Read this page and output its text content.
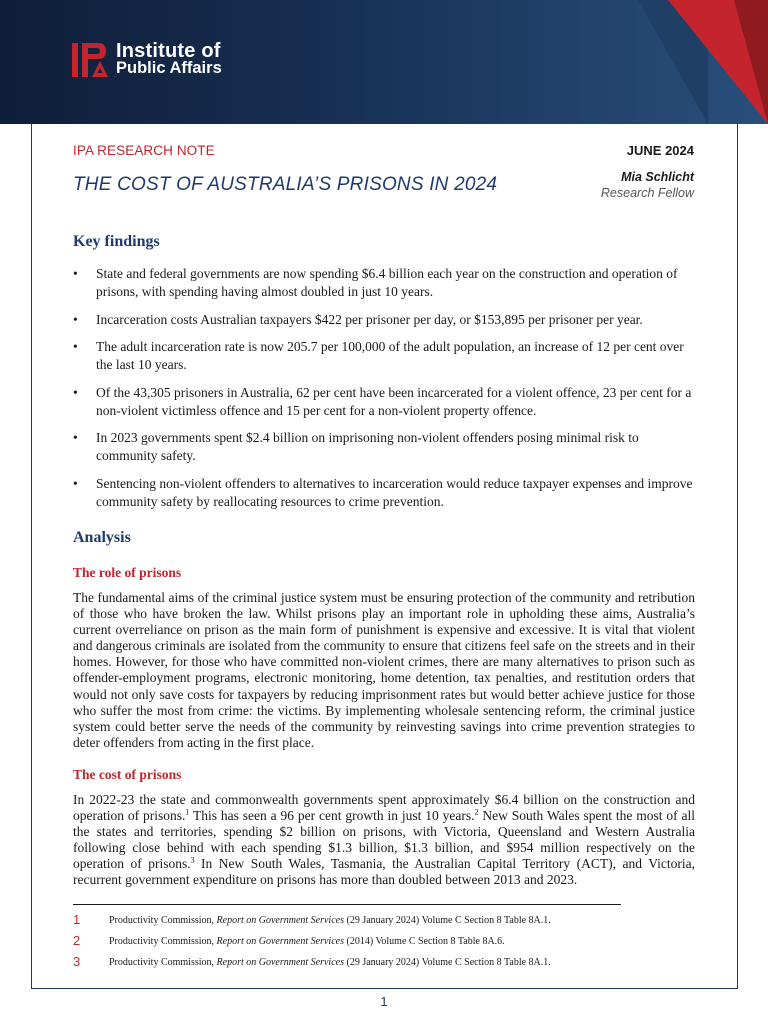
Institute of
Public Affairs
IPA RESEARCH NOTE
THE COST OF AUSTRALIA’S PRISONS IN 2024
JUNE 2024
Mia Schlicht
Research Fellow
Key findings
• State and federal governments are now spending $6.4 billion each year on the construction and operation of prisons, with spending having almost doubled in just 10 years.
• Incarceration costs Australian taxpayers $422 per prisoner per day, or $153,895 per prisoner per year.
• The adult incarceration rate is now 205.7 per 100,000 of the adult population, an increase of 12 per cent over the last 10 years.
• Of the 43,305 prisoners in Australia, 62 per cent have been incarcerated for a violent offence, 23 per cent for a non-violent victimless offence and 15 per cent for a non-violent property offence.
• In 2023 governments spent $2.4 billion on imprisoning non-violent offenders posing minimal risk to community safety.
• Sentencing non-violent offenders to alternatives to incarceration would reduce taxpayer expenses and improve community safety by reallocating resources to crime prevention.
Analysis
The role of prisons

The fundamental aims of the criminal justice system must be ensuring protection of the community and retribution of those who have broken the law. Whilst prisons play an important role in upholding these aims, Australia’s current overreliance on prison as the main form of punishment is expensive and excessive. It is vital that violent and dangerous criminals are isolated from the community to ensure that citizens feel safe on the streets and in their homes. However, for those who have committed non-violent crimes, there are many alternatives to prison such as offender-employment programs, electronic monitoring, home detention, tax penalties, and restitution orders that would not only save costs for taxpayers by reducing imprisonment rates but would better achieve justice for those who suffer the most from crime: the victims. By implementing wholesale sentencing reform, the criminal justice system could better serve the needs of the community by reinvesting savings into crime prevention strategies to deter offenders from acting in the first place.

The cost of prisons

In 2022-23 the state and commonwealth governments spent approximately $6.4 billion on the construction and operation of prisons.$^1$ This has seen a 96 per cent growth in just 10 years.$^2$ New South Wales spent the most of all the states and territories, spending $2 billion on prisons, with Victoria, Queensland and Western Australia following close behind with each spending $1.3 billion, $1.3 billion, and $954 million respectively on the operation of prisons.$^3$ In New South Wales, Tasmania, the Australian Capital Territory (ACT), and Victoria, recurrent government expenditure on prisons has more than doubled between 2013 and 2023.

1	Productivity Commission, Report on Government Services (29 January 2024) Volume C Section 8 Table 8A.1.
2	Productivity Commission, Report on Government Services (2014) Volume C Section 8 Table 8A.6.
3	Productivity Commission, Report on Government Services (29 January 2024) Volume C Section 8 Table 8A.1.
1
